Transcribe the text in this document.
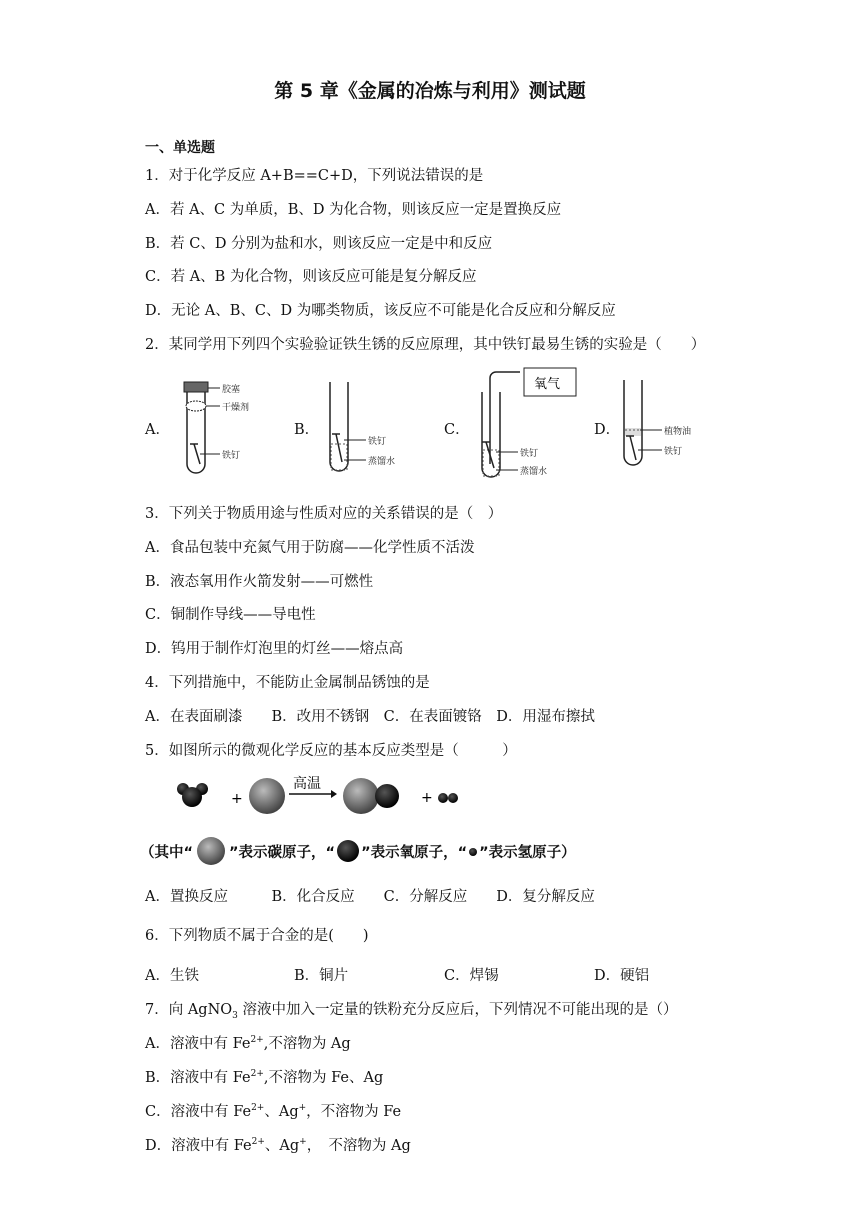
第 5 章《金属的冶炼与利用》测试题
一、单选题
1．对于化学反应 A+B==C+D，下列说法错误的是
A．若 A、C 为单质，B、D 为化合物，则该反应一定是置换反应
B．若 C、D 分别为盐和水，则该反应一定是中和反应
C．若 A、B 为化合物，则该反应可能是复分解反应
D．无论 A、B、C、D 为哪类物质，该反应不可能是化合反应和分解反应
2．某同学用下列四个实验验证铁生锈的反应原理，其中铁钉最易生锈的实验是（　　）
A．	B．	C．	D．
胶塞
干燥剂
铁钉
铁钉
蒸馏水
氧气
铁钉
蒸馏水
植物油
铁钉
3．下列关于物质用途与性质对应的关系错误的是（　）
A．食品包装中充氮气用于防腐——化学性质不活泼
B．液态氧用作火箭发射——可燃性
C．铜制作导线——导电性
D．钨用于制作灯泡里的灯丝——熔点高
4．下列措施中，不能防止金属制品锈蚀的是
A．在表面刷漆　　B．改用不锈钢　C．在表面镀铬　D．用湿布擦拭
5．如图所示的微观化学反应的基本反应类型是（　　　）
+
高温
+
（其中“ ”表示碳原子，“ ”表示氧原子，“ ”表示氢原子）
A．置换反应　　　B．化合反应　　C．分解反应　　D．复分解反应
6．下列物质不属于合金的是(　　)
A．生铁	B．铜片	C．焊锡	D．硬铝
7．向 AgNO$_3$ 溶液中加入一定量的铁粉充分反应后，下列情况不可能出现的是（）
A．溶液中有 $Fe^{2+}$,不溶物为 Ag
B．溶液中有 $Fe^{2+}$,不溶物为 Fe、Ag
C．溶液中有 $Fe^{2+}$、Ag+，不溶物为 Fe
D．溶液中有 $Fe^{2+}$、Ag+，　不溶物为 Ag
